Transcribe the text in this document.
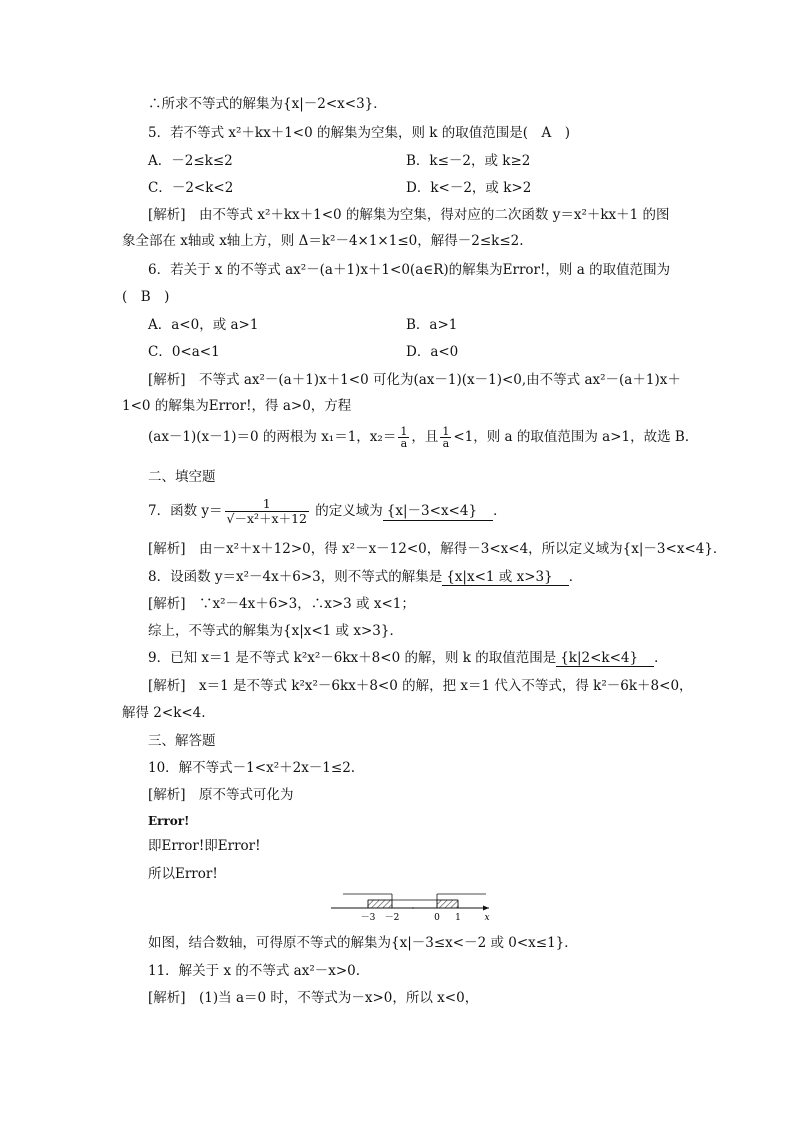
∴所求不等式的解集为{x|－2<x<3}．
5．若不等式 x²＋kx＋1<0 的解集为空集，则 k 的取值范围是(　A　)
A．－2≤k≤2	B．k≤－2，或 k≥2
C．－2<k<2	D．k<－2，或 k>2
[解析]　由不等式 x²＋kx＋1<0 的解集为空集，得对应的二次函数 y＝x²＋kx＋1 的图
象全部在 x轴或 x轴上方，则 Δ＝k²－4×1×1≤0，解得－2≤k≤2.
6．若关于 x 的不等式 ax²－(a＋1)x＋1<0(a∈R)的解集为Error!，则 a 的取值范围为
(　B　)
A．a<0，或 a>1	B．a>1
C．0<a<1	D．a<0
[解析]　不等式 ax²－(a＋1)x＋1<0 可化为(ax－1)(x－1)<0,由不等式 ax²－(a＋1)x＋
1<0 的解集为Error!，得 a>0，方程
(ax－1)(x－1)＝0 的两根为 x₁＝1，$x_2= \frac{1}{a}$ ，且 $\frac{1}{a} <1$，则 a 的取值范围为 a>1，故选 B．
二、填空题
7．函数 $y= \frac{1}{\text{√－x²＋x＋12}}$ 的定义域为 {x|－3<x<4} ．
[解析]　由－x²＋x＋12>0，得 x²－x－12<0，解得－3<x<4，所以定义域为{x|－3<x<4}．
8．设函数 y＝x²－4x＋6>3，则不等式的解集是 {x|x<1 或 x>3} ．
[解析]　∵x²－4x＋6>3，∴x>3 或 x<1；
综上，不等式的解集为{x|x<1 或 x>3}．
9．已知 x＝1 是不等式 k²x²－6kx＋8<0 的解，则 k 的取值范围是 {k|2<k<4} ．
[解析]　x＝1 是不等式 k²x²－6kx＋8<0 的解，把 x＝1 代入不等式，得 k²－6k＋8<0，
解得 2<k<4.
三、解答题
10．解不等式－1<x²＋2x－1≤2.
[解析]　原不等式可化为
Error!
即Error!即Error!
所以Error!
－3 －2	0 1	x
如图，结合数轴，可得原不等式的解集为{x|－3≤x<－2 或 0<x≤1}．
11．解关于 x 的不等式 ax²－x>0.
[解析]　(1)当 a＝0 时，不等式为－x>0，所以 x<0，
